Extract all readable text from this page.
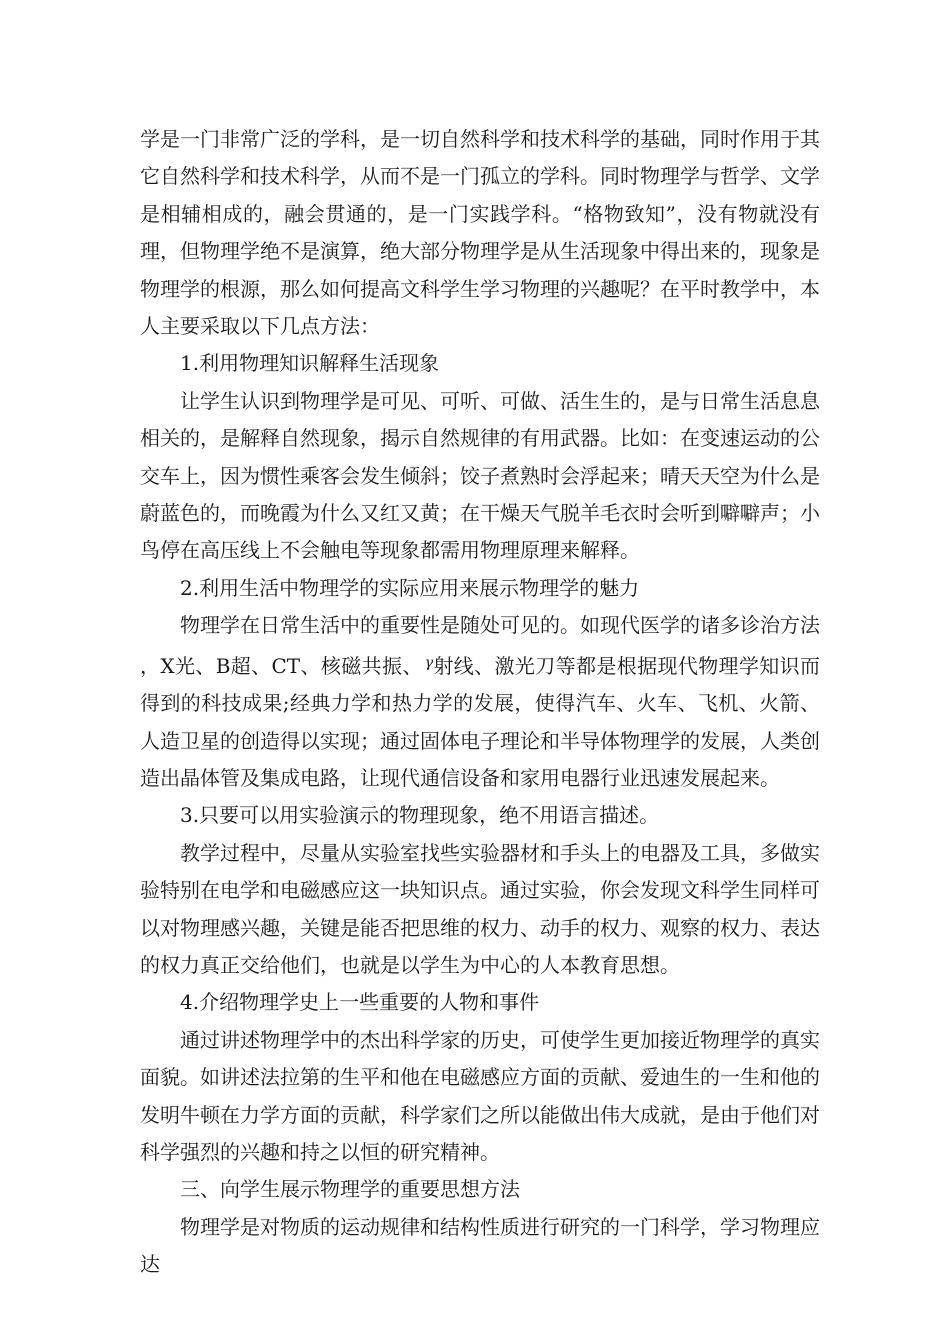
学是一门非常广泛的学科，是一切自然科学和技术科学的基础，同时作用于其它自然科学和技术科学，从而不是一门孤立的学科。同时物理学与哲学、文学是相辅相成的，融会贯通的，是一门实践学科。“格物致知”，没有物就没有理，但物理学绝不是演算，绝大部分物理学是从生活现象中得出来的，现象是物理学的根源，那么如何提高文科学生学习物理的兴趣呢？在平时教学中，本人主要采取以下几点方法：

1.利用物理知识解释生活现象

让学生认识到物理学是可见、可听、可做、活生生的，是与日常生活息息相关的，是解释自然现象，揭示自然规律的有用武器。比如：在变速运动的公交车上，因为惯性乘客会发生倾斜；饺子煮熟时会浮起来；晴天天空为什么是蔚蓝色的，而晚霞为什么又红又黄；在干燥天气脱羊毛衣时会听到噼噼声；小鸟停在高压线上不会触电等现象都需用物理原理来解释。

2.利用生活中物理学的实际应用来展示物理学的魅力

物理学在日常生活中的重要性是随处可见的。如现代医学的诸多诊治方法 ，X光、B超、CT、核磁共振、 $^\gamma$射线、激光刀等都是根据现代物理学知识而得到的科技成果;经典力学和热力学的发展，使得汽车、火车、飞机、火箭、人造卫星的创造得以实现；通过固体电子理论和半导体物理学的发展，人类创造出晶体管及集成电路，让现代通信设备和家用电器行业迅速发展起来。

3.只要可以用实验演示的物理现象，绝不用语言描述。

教学过程中，尽量从实验室找些实验器材和手头上的电器及工具，多做实验特别在电学和电磁感应这一块知识点。通过实验，你会发现文科学生同样可以对物理感兴趣，关键是能否把思维的权力、动手的权力、观察的权力、表达的权力真正交给他们，也就是以学生为中心的人本教育思想。

4.介绍物理学史上一些重要的人物和事件

通过讲述物理学中的杰出科学家的历史，可使学生更加接近物理学的真实面貌。如讲述法拉第的生平和他在电磁感应方面的贡献、爱迪生的一生和他的发明牛顿在力学方面的贡献，科学家们之所以能做出伟大成就，是由于他们对科学强烈的兴趣和持之以恒的研究精神。

三、向学生展示物理学的重要思想方法

物理学是对物质的运动规律和结构性质进行研究的一门科学，学习物理应达
